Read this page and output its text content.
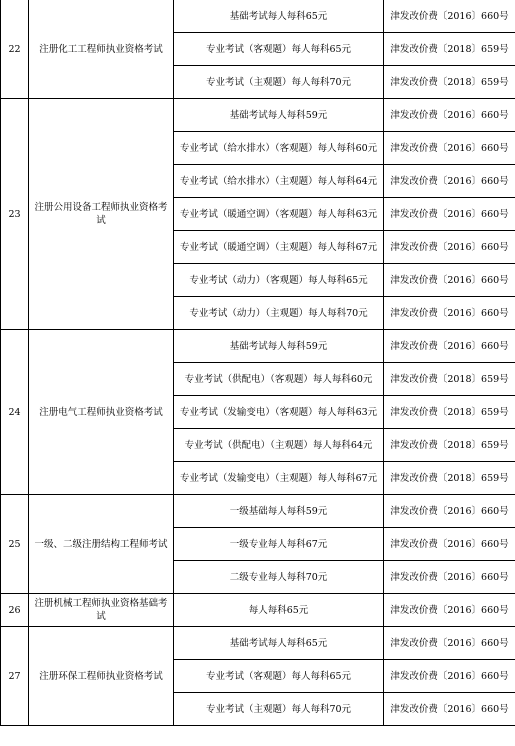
22	注册化工工程师执业资格考试	基础考试每人每科65元	津发改价费〔2016〕660号
		专业考试（客观题）每人每科65元	津发改价费〔2018〕659号
		专业考试（主观题）每人每科70元	津发改价费〔2018〕659号
23	注册公用设备工程师执业资格考试	基础考试每人每科59元	津发改价费〔2016〕660号
		专业考试（给水排水）（客观题）每人每科60元	津发改价费〔2016〕660号
		专业考试（给水排水）（主观题）每人每科64元	津发改价费〔2016〕660号
		专业考试（暖通空调）（客观题）每人每科63元	津发改价费〔2016〕660号
		专业考试（暖通空调）（主观题）每人每科67元	津发改价费〔2016〕660号
		专业考试（动力）（客观题）每人每科65元	津发改价费〔2016〕660号
		专业考试（动力）（主观题）每人每科70元	津发改价费〔2016〕660号
24	注册电气工程师执业资格考试	基础考试每人每科59元	津发改价费〔2016〕660号
		专业考试（供配电）（客观题）每人每科60元	津发改价费〔2018〕659号
		专业考试（发输变电）（客观题）每人每科63元	津发改价费〔2018〕659号
		专业考试（供配电）（主观题）每人每科64元	津发改价费〔2018〕659号
		专业考试（发输变电）（主观题）每人每科67元	津发改价费〔2018〕659号
25	一级、二级注册结构工程师考试	一级基础每人每科59元	津发改价费〔2016〕660号
		一级专业每人每科67元	津发改价费〔2016〕660号
		二级专业每人每科70元	津发改价费〔2016〕660号
26	注册机械工程师执业资格基础考试	每人每科65元	津发改价费〔2016〕660号
27	注册环保工程师执业资格考试	基础考试每人每科65元	津发改价费〔2016〕660号
		专业考试（客观题）每人每科65元	津发改价费〔2016〕660号
		专业考试（主观题）每人每科70元	津发改价费〔2016〕660号
